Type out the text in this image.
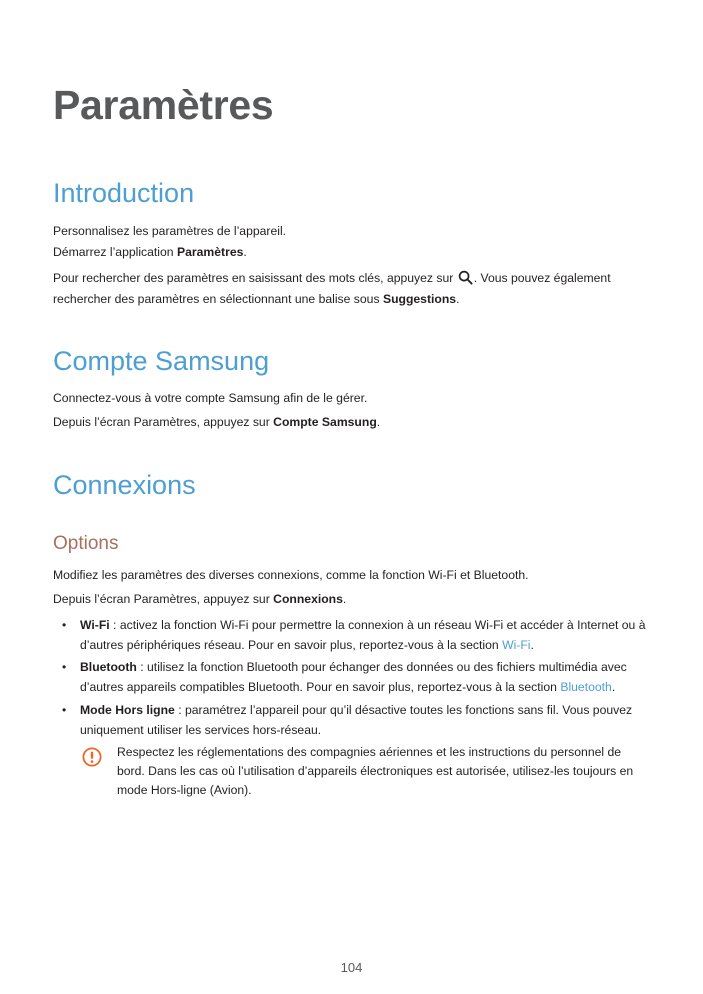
Paramètres
Introduction

Personnalisez les paramètres de l’appareil.

Démarrez l’application Paramètres.

Pour rechercher des paramètres en saisissant des mots clés, appuyez sur . Vous pouvez également

rechercher des paramètres en sélectionnant une balise sous Suggestions.

Compte Samsung

Connectez-vous à votre compte Samsung afin de le gérer.

Depuis l’écran Paramètres, appuyez sur Compte Samsung.

Connexions
Options

Modifiez les paramètres des diverses connexions, comme la fonction Wi-Fi et Bluetooth.

Depuis l’écran Paramètres, appuyez sur Connexions.

• Wi-Fi : activez la fonction Wi-Fi pour permettre la connexion à un réseau Wi-Fi et accéder à Internet ou à d’autres périphériques réseau. Pour en savoir plus, reportez-vous à la section Wi-Fi.

• Bluetooth : utilisez la fonction Bluetooth pour échanger des données ou des fichiers multimédia avec d’autres appareils compatibles Bluetooth. Pour en savoir plus, reportez-vous à la section Bluetooth.

• Mode Hors ligne : paramétrez l’appareil pour qu’il désactive toutes les fonctions sans fil. Vous pouvez uniquement utiliser les services hors-réseau.

Respectez les réglementations des compagnies aériennes et les instructions du personnel de bord. Dans les cas où l’utilisation d’appareils électroniques est autorisée, utilisez-les toujours en mode Hors-ligne (Avion).

104
